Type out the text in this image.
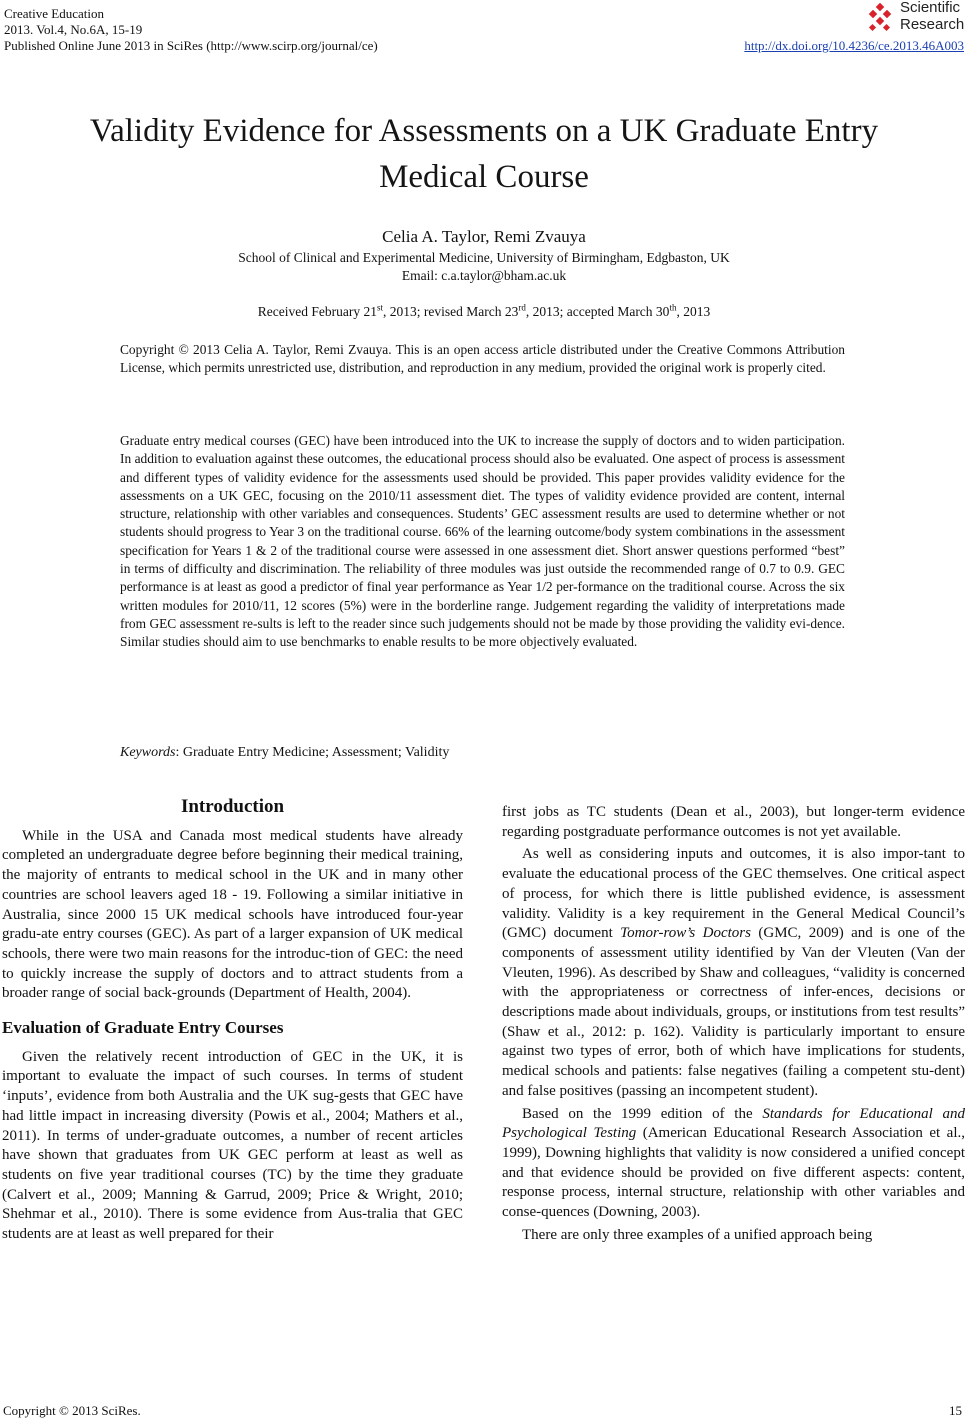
Creative Education
2013. Vol.4, No.6A, 15-19
Published Online June 2013 in SciRes (http://www.scirp.org/journal/ce)
Scientific
Research
http://dx.doi.org/10.4236/ce.2013.46A003
Validity Evidence for Assessments on a UK Graduate Entry
Medical Course
Celia A. Taylor, Remi Zvauya
School of Clinical and Experimental Medicine, University of Birmingham, Edgbaston, UK
Email: c.a.taylor@bham.ac.uk
Received February 21st, 2013; revised March 23rd, 2013; accepted March 30th, 2013
Copyright © 2013 Celia A. Taylor, Remi Zvauya. This is an open access article distributed under the Creative Commons Attribution License, which permits unrestricted use, distribution, and reproduction in any medium, provided the original work is properly cited.
Graduate entry medical courses (GEC) have been introduced into the UK to increase the supply of doctors and to widen participation. In addition to evaluation against these outcomes, the educational process should also be evaluated. One aspect of process is assessment and different types of validity evidence for the assessments used should be provided. This paper provides validity evidence for the assessments on a UK GEC, focusing on the 2010/11 assessment diet. The types of validity evidence provided are content, internal structure, relationship with other variables and consequences. Students’ GEC assessment results are used to determine whether or not students should progress to Year 3 on the traditional course. 66% of the learning outcome/body system combinations in the assessment specification for Years 1 & 2 of the traditional course were assessed in one assessment diet. Short answer questions performed “best” in terms of difficulty and discrimination. The reliability of three modules was just outside the recommended range of 0.7 to 0.9. GEC performance is at least as good a predictor of final year performance as Year 1/2 per-formance on the traditional course. Across the six written modules for 2010/11, 12 scores (5%) were in the borderline range. Judgement regarding the validity of interpretations made from GEC assessment re-sults is left to the reader since such judgements should not be made by those providing the validity evi-dence. Similar studies should aim to use benchmarks to enable results to be more objectively evaluated.
Keywords: Graduate Entry Medicine; Assessment; Validity
Introduction

While in the USA and Canada most medical students have already completed an undergraduate degree before beginning their medical training, the majority of entrants to medical school in the UK and in many other countries are school leavers aged 18 - 19. Following a similar initiative in Australia, since 2000 15 UK medical schools have introduced four-year gradu-ate entry courses (GEC). As part of a larger expansion of UK medical schools, there were two main reasons for the introduc-tion of GEC: the need to quickly increase the supply of doctors and to attract students from a broader range of social back-grounds (Department of Health, 2004).

Evaluation of Graduate Entry Courses

Given the relatively recent introduction of GEC in the UK, it is important to evaluate the impact of such courses. In terms of student ‘inputs’, evidence from both Australia and the UK sug-gests that GEC have had little impact in increasing diversity (Powis et al., 2004; Mathers et al., 2011). In terms of under-graduate outcomes, a number of recent articles have shown that graduates from UK GEC perform at least as well as students on five year traditional courses (TC) by the time they graduate (Calvert et al., 2009; Manning & Garrud, 2009; Price & Wright, 2010; Shehmar et al., 2010). There is some evidence from Aus-tralia that GEC students are at least as well prepared for their

first jobs as TC students (Dean et al., 2003), but longer-term evidence regarding postgraduate performance outcomes is not yet available.

As well as considering inputs and outcomes, it is also impor-tant to evaluate the educational process of the GEC themselves. One critical aspect of process, for which there is little published evidence, is assessment validity. Validity is a key requirement in the General Medical Council’s (GMC) document Tomor-row’s Doctors (GMC, 2009) and is one of the components of assessment utility identified by Van der Vleuten (Van der Vleuten, 1996). As described by Shaw and colleagues, “validity is concerned with the appropriateness or correctness of infer-ences, decisions or descriptions made about individuals, groups, or institutions from test results” (Shaw et al., 2012: p. 162). Validity is particularly important to ensure against two types of error, both of which have implications for students, medical schools and patients: false negatives (failing a competent stu-dent) and false positives (passing an incompetent student).

Based on the 1999 edition of the Standards for Educational and Psychological Testing (American Educational Research Association et al., 1999), Downing highlights that validity is now considered a unified concept and that evidence should be provided on five different aspects: content, response process, internal structure, relationship with other variables and conse-quences (Downing, 2003).

There are only three examples of a unified approach being

Copyright © 2013 SciRes.	15
